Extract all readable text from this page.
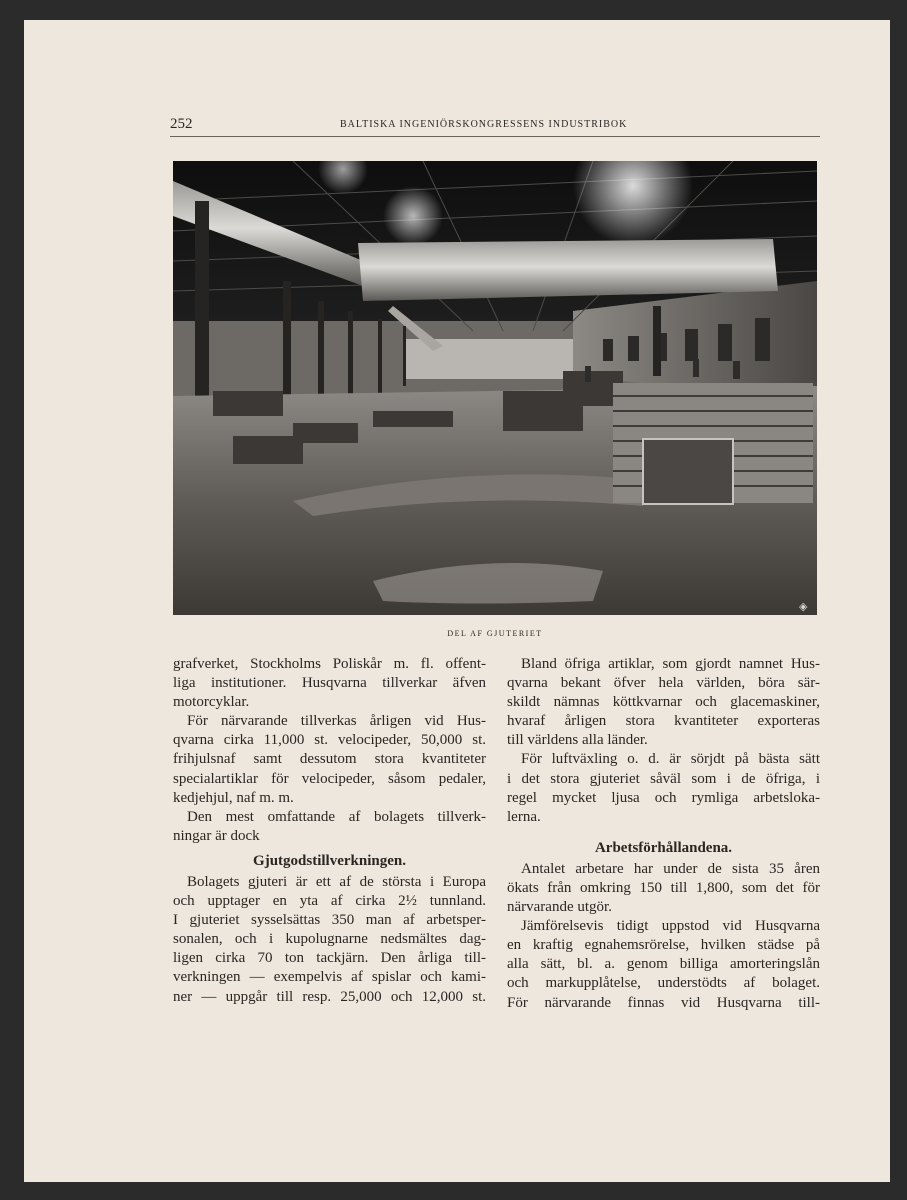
252	BALTISKA INGENIÖRSKONGRESSENS INDUSTRIBOK
◈
DEL AF GJUTERIET
grafverket, Stockholms Poliskår m. fl. offent-
liga institutioner. Husqvarna tillverkar äfven
motorcyklar.
För närvarande tillverkas årligen vid Hus-
qvarna cirka 11,000 st. velocipeder, 50,000 st.
frihjulsnaf samt dessutom stora kvantiteter
specialartiklar för velocipeder, såsom pedaler,
kedjehjul, naf m. m.
Den mest omfattande af bolagets tillverk-
ningar är dock
Gjutgodstillverkningen.
Bolagets gjuteri är ett af de största i Europa
och upptager en yta af cirka 2½ tunnland.
I gjuteriet sysselsättas 350 man af arbetsper-
sonalen, och i kupolugnarne nedsmältes dag-
ligen cirka 70 ton tackjärn. Den årliga till-
verkningen — exempelvis af spislar och kami-
ner — uppgår till resp. 25,000 och 12,000 st.
Bland öfriga artiklar, som gjordt namnet Hus-
qvarna bekant öfver hela världen, böra sär-
skildt nämnas köttkvarnar och glacemaskiner,
hvaraf årligen stora kvantiteter exporteras
till världens alla länder.
För luftväxling o. d. är sörjdt på bästa sätt
i det stora gjuteriet såväl som i de öfriga, i
regel mycket ljusa och rymliga arbetsloka-
lerna.
Arbetsförhållandena.
Antalet arbetare har under de sista 35 åren
ökats från omkring 150 till 1,800, som det för
närvarande utgör.
Jämförelsevis tidigt uppstod vid Husqvarna
en kraftig egnahemsrörelse, hvilken städse på
alla sätt, bl. a. genom billiga amorteringslån
och markupplåtelse, understödts af bolaget.
För närvarande finnas vid Husqvarna till-
